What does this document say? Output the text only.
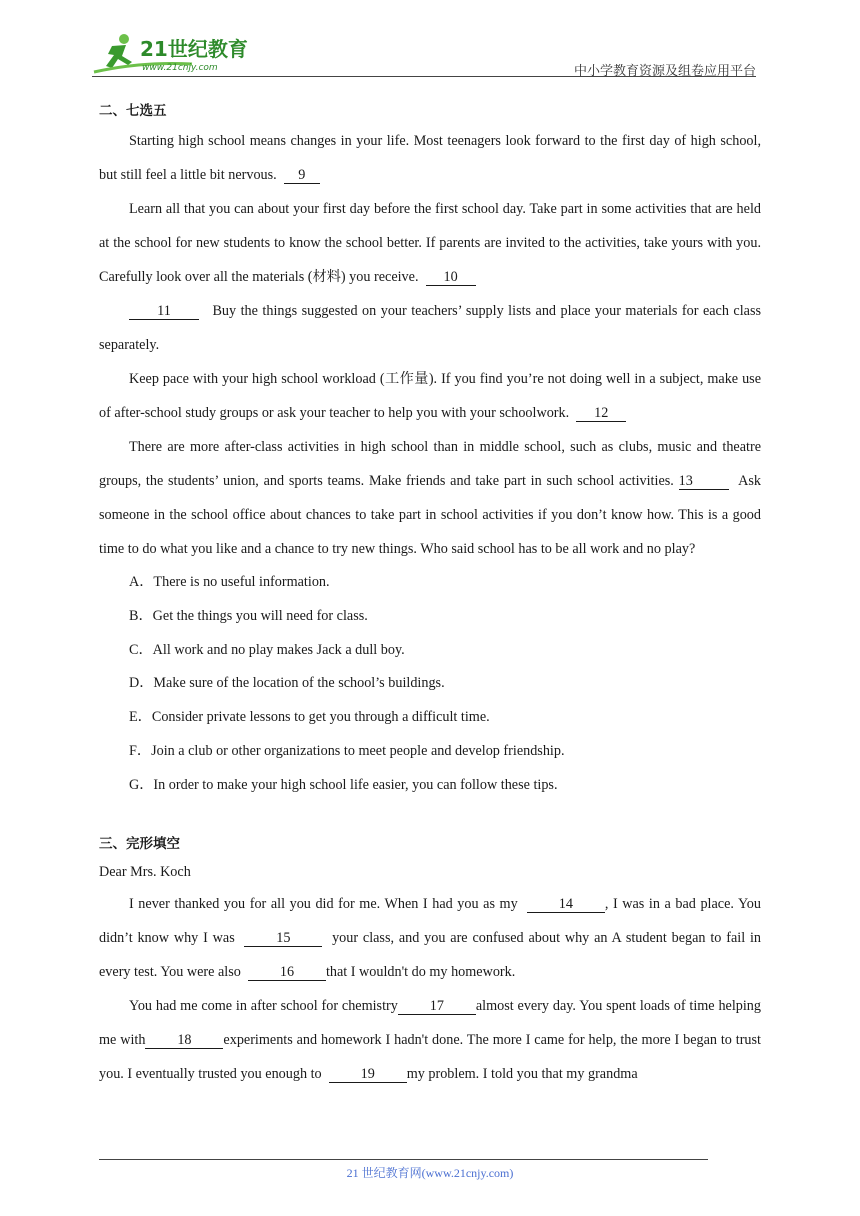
21世纪教育
www.21cnjy.com	中小学教育资源及组卷应用平台
二、七选五

Starting high school means changes in your life. Most teenagers look forward to the first day of high school, but still feel a little bit nervous. 9

Learn all that you can about your first day before the first school day. Take part in some activities that are held at the school for new students to know the school better. If parents are invited to the activities, take yours with you. Carefully look over all the materials (材料) you receive. 10

11	Buy the things suggested on your teachers’ supply lists and place your materials for each class separately.

Keep pace with your high school workload (工作量). If you find you’re not doing well in a subject, make use of after-school study groups or ask your teacher to help you with your schoolwork. 12

There are more after-class activities in high school than in middle school, such as clubs, music and theatre groups, the students’ union, and sports teams. Make friends and take part in such school activities. 13	Ask someone in the school office about chances to take part in school activities if you don’t know how. This is a good time to do what you like and a chance to try new things. Who said school has to be all work and no play?

A．There is no useful information.

B．Get the things you will need for class.

C．All work and no play makes Jack a dull boy.

D．Make sure of the location of the school’s buildings.

E．Consider private lessons to get you through a difficult time.

F．Join a club or other organizations to meet people and develop friendship.

G．In order to make your high school life easier, you can follow these tips.

三、完形填空

Dear Mrs. Koch

I never thanked you for all you did for me. When I had you as my	14 , I was in a bad place. You didn’t know why I was	15	your class, and you are confused about why an A student began to fail in every test. You were also	16 that I wouldn't do my homework.

You had me come in after school for chemistry 17 almost every day. You spent loads of time helping me with 18 experiments and homework I hadn't done. The more I came for help, the more I began to trust you. I eventually trusted you enough to	19 my problem. I told you that my grandma

21 世纪教育网(www.21cnjy.com)
